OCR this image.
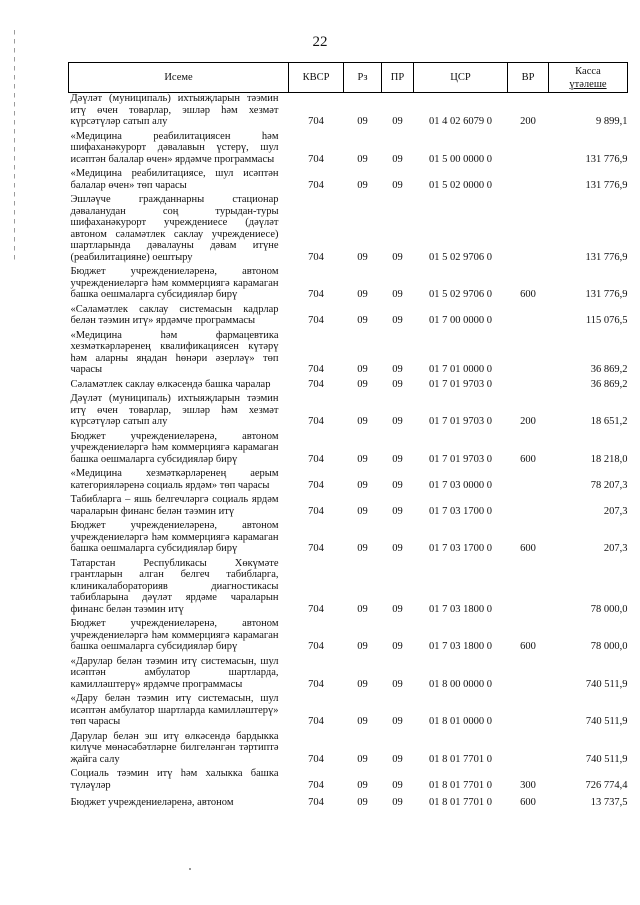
22
Исеме	КВСР	Рз	ПР	ЦСР	ВР	Касса
үтәлеше

Дәүләт (муниципаль) ихтыяҗларын тәэмин итү өчен товарлар, эшләр һәм хезмәт күрсәтүләр сатып алу	704	09	09	01 4 02 6079 0	200	9 899,1
«Медицина реабилитациясен һәм шифаханәкурорт дәвалавын үстерү, шул исәптән балалар өчен» ярдәмче программасы	704	09	09	01 5 00 0000 0		131 776,9
«Медицина реабилитациясе, шул исәптән балалар өчен» төп чарасы	704	09	09	01 5 02 0000 0		131 776,9
Эшләүче гражданнарны стационар дәваланудан соң турыдан-туры шифаханәкурорт учреждениесе (дәүләт автоном сәламәтлек саклау учреждениесе) шартларында дәвалауны дәвам итүне (реабилитацияне) оештыру	704	09	09	01 5 02 9706 0		131 776,9
Бюджет учреждениеләренә, автоном учреждениеләргә һәм коммерциягә карамаган башка оешмаларга субсидияләр бирү	704	09	09	01 5 02 9706 0	600	131 776,9
«Сәламәтлек саклау системасын кадрлар белән тәэмин итү» ярдәмче программасы	704	09	09	01 7 00 0000 0		115 076,5
«Медицина һәм фармацевтика хезмәткәрләренең квалификациясен күтәрү һәм аларны яңадан һөнәри әзерләү» төп чарасы	704	09	09	01 7 01 0000 0		36 869,2
Сәламәтлек саклау өлкәсендә башка чаралар	704	09	09	01 7 01 9703 0		36 869,2
Дәүләт (муниципаль) ихтыяҗларын тәэмин итү өчен товарлар, эшләр һәм хезмәт күрсәтүләр сатып алу	704	09	09	01 7 01 9703 0	200	18 651,2
Бюджет учреждениеләренә, автоном учреждениеләргә һәм коммерциягә карамаган башка оешмаларга субсидияләр бирү	704	09	09	01 7 01 9703 0	600	18 218,0
«Медицина хезмәткәрләренең аерым категорияләренә социаль ярдәм» төп чарасы	704	09	09	01 7 03 0000 0		78 207,3
Табибларга – яшь белгечләргә социаль ярдәм чараларын финанс белән тәэмин итү	704	09	09	01 7 03 1700 0		207,3
Бюджет учреждениеләренә, автоном учреждениеләргә һәм коммерциягә карамаган башка оешмаларга субсидияләр бирү	704	09	09	01 7 03 1700 0	600	207,3
Татарстан Республикасы Хөкүмәте грантларын алган белгеч табибларга, клиникалабораторияв диагностикасы табибларына дәүләт ярдәме чараларын финанс белән тәэмин итү	704	09	09	01 7 03 1800 0		78 000,0
Бюджет учреждениеләренә, автоном учреждениеләргә һәм коммерциягә карамаган башка оешмаларга субсидияләр бирү	704	09	09	01 7 03 1800 0	600	78 000,0
«Дарулар белән тәэмин итү системасын, шул исәптән амбулатор шартларда, камилләштерү» ярдәмче программасы	704	09	09	01 8 00 0000 0		740 511,9
«Дару белән тәэмин итү системасын, шул исәптән амбулатор шартларда камилләштерү» төп чарасы	704	09	09	01 8 01 0000 0		740 511,9
Дарулар белән эш итү өлкәсендә бардыкка килүче мөнәсәбәтләрне билгеләнгән тәртиптә җайга салу	704	09	09	01 8 01 7701 0		740 511,9
Социаль тәэмин итү һәм халыкка башка түләүләр	704	09	09	01 8 01 7701 0	300	726 774,4
Бюджет учреждениеләренә, автоном	704	09	09	01 8 01 7701 0	600	13 737,5
